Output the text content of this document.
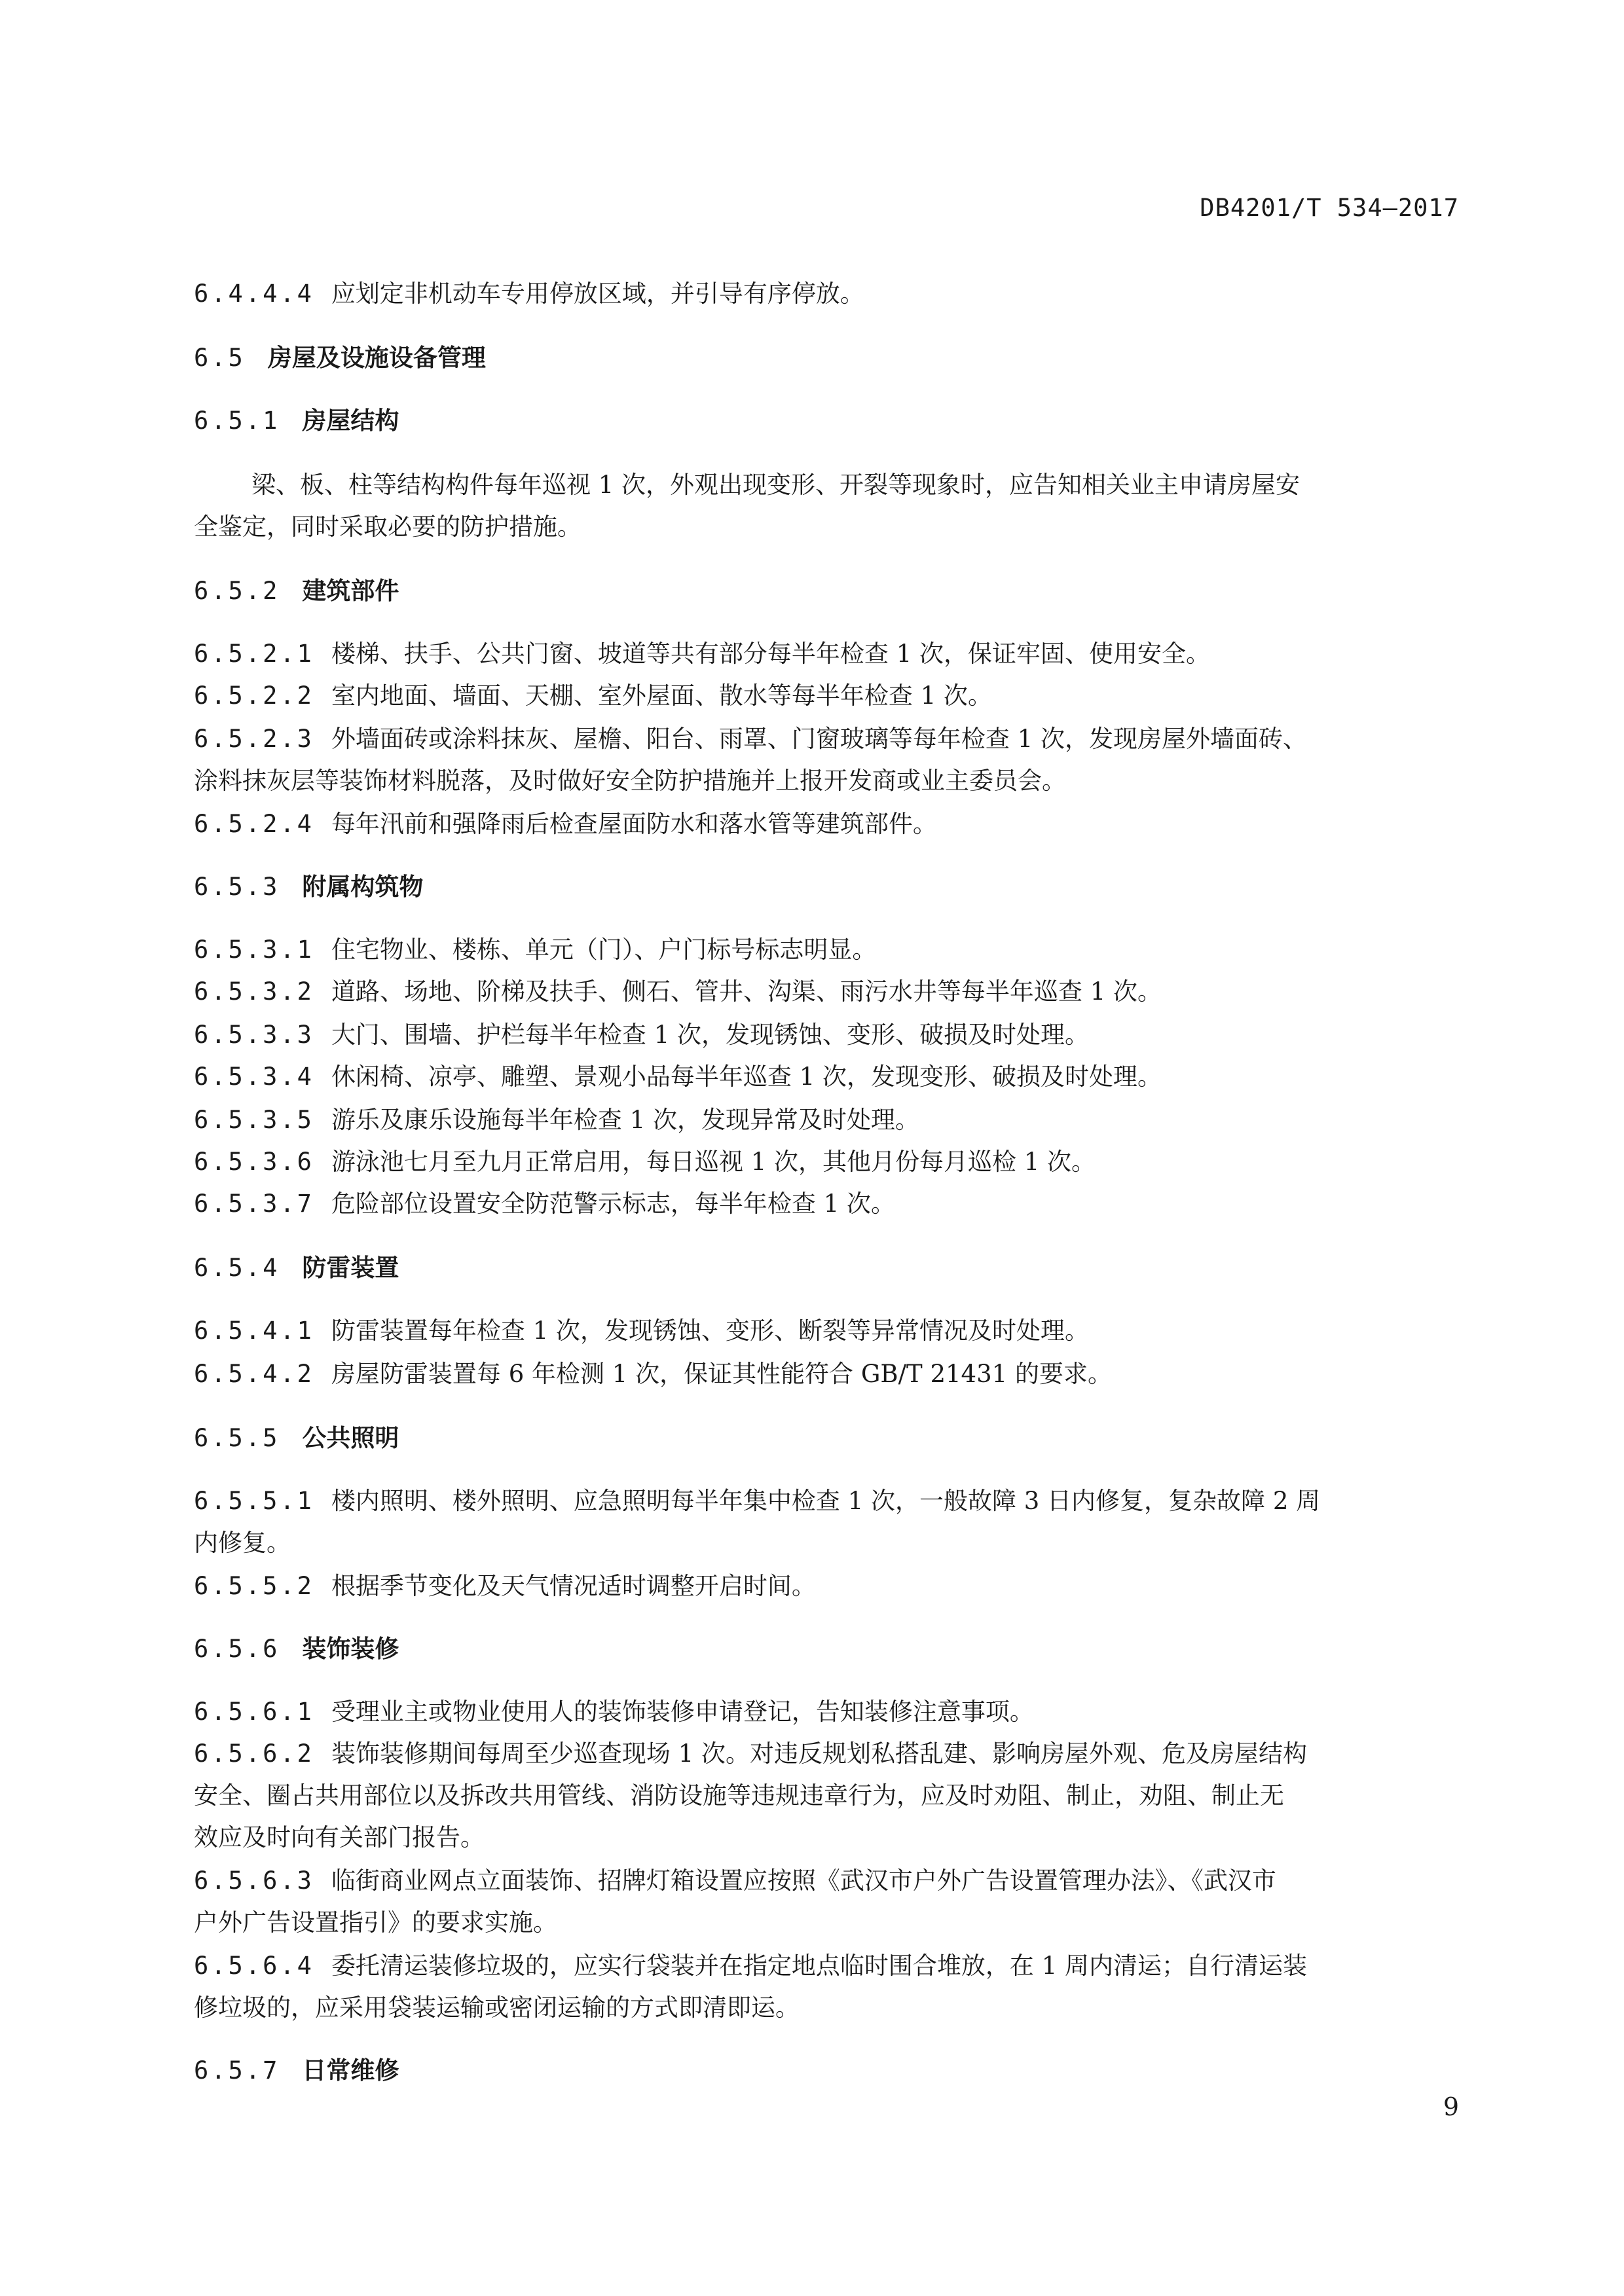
DB4201/T 534—2017
6.4.4.4 应划定非机动车专用停放区域，并引导有序停放。
6.5 房屋及设施设备管理
6.5.1 房屋结构
梁、板、柱等结构构件每年巡视 1 次，外观出现变形、开裂等现象时，应告知相关业主申请房屋安
全鉴定，同时采取必要的防护措施。
6.5.2 建筑部件
6.5.2.1 楼梯、扶手、公共门窗、坡道等共有部分每半年检查 1 次，保证牢固、使用安全。
6.5.2.2 室内地面、墙面、天棚、室外屋面、散水等每半年检查 1 次。
6.5.2.3 外墙面砖或涂料抹灰、屋檐、阳台、雨罩、门窗玻璃等每年检查 1 次，发现房屋外墙面砖、
涂料抹灰层等装饰材料脱落，及时做好安全防护措施并上报开发商或业主委员会。
6.5.2.4 每年汛前和强降雨后检查屋面防水和落水管等建筑部件。
6.5.3 附属构筑物
6.5.3.1 住宅物业、楼栋、单元（门）、户门标号标志明显。
6.5.3.2 道路、场地、阶梯及扶手、侧石、管井、沟渠、雨污水井等每半年巡查 1 次。
6.5.3.3 大门、围墙、护栏每半年检查 1 次，发现锈蚀、变形、破损及时处理。
6.5.3.4 休闲椅、凉亭、雕塑、景观小品每半年巡查 1 次，发现变形、破损及时处理。
6.5.3.5 游乐及康乐设施每半年检查 1 次，发现异常及时处理。
6.5.3.6 游泳池七月至九月正常启用，每日巡视 1 次，其他月份每月巡检 1 次。
6.5.3.7 危险部位设置安全防范警示标志，每半年检查 1 次。
6.5.4 防雷装置
6.5.4.1 防雷装置每年检查 1 次，发现锈蚀、变形、断裂等异常情况及时处理。
6.5.4.2 房屋防雷装置每 6 年检测 1 次，保证其性能符合 GB/T 21431 的要求。
6.5.5 公共照明
6.5.5.1 楼内照明、楼外照明、应急照明每半年集中检查 1 次，一般故障 3 日内修复，复杂故障 2 周
内修复。
6.5.5.2 根据季节变化及天气情况适时调整开启时间。
6.5.6 装饰装修
6.5.6.1 受理业主或物业使用人的装饰装修申请登记，告知装修注意事项。
6.5.6.2 装饰装修期间每周至少巡查现场 1 次。对违反规划私搭乱建、影响房屋外观、危及房屋结构
安全、圈占共用部位以及拆改共用管线、消防设施等违规违章行为，应及时劝阻、制止，劝阻、制止无
效应及时向有关部门报告。
6.5.6.3 临街商业网点立面装饰、招牌灯箱设置应按照《武汉市户外广告设置管理办法》、《武汉市
户外广告设置指引》的要求实施。
6.5.6.4 委托清运装修垃圾的，应实行袋装并在指定地点临时围合堆放，在 1 周内清运；自行清运装
修垃圾的，应采用袋装运输或密闭运输的方式即清即运。
6.5.7 日常维修
9
